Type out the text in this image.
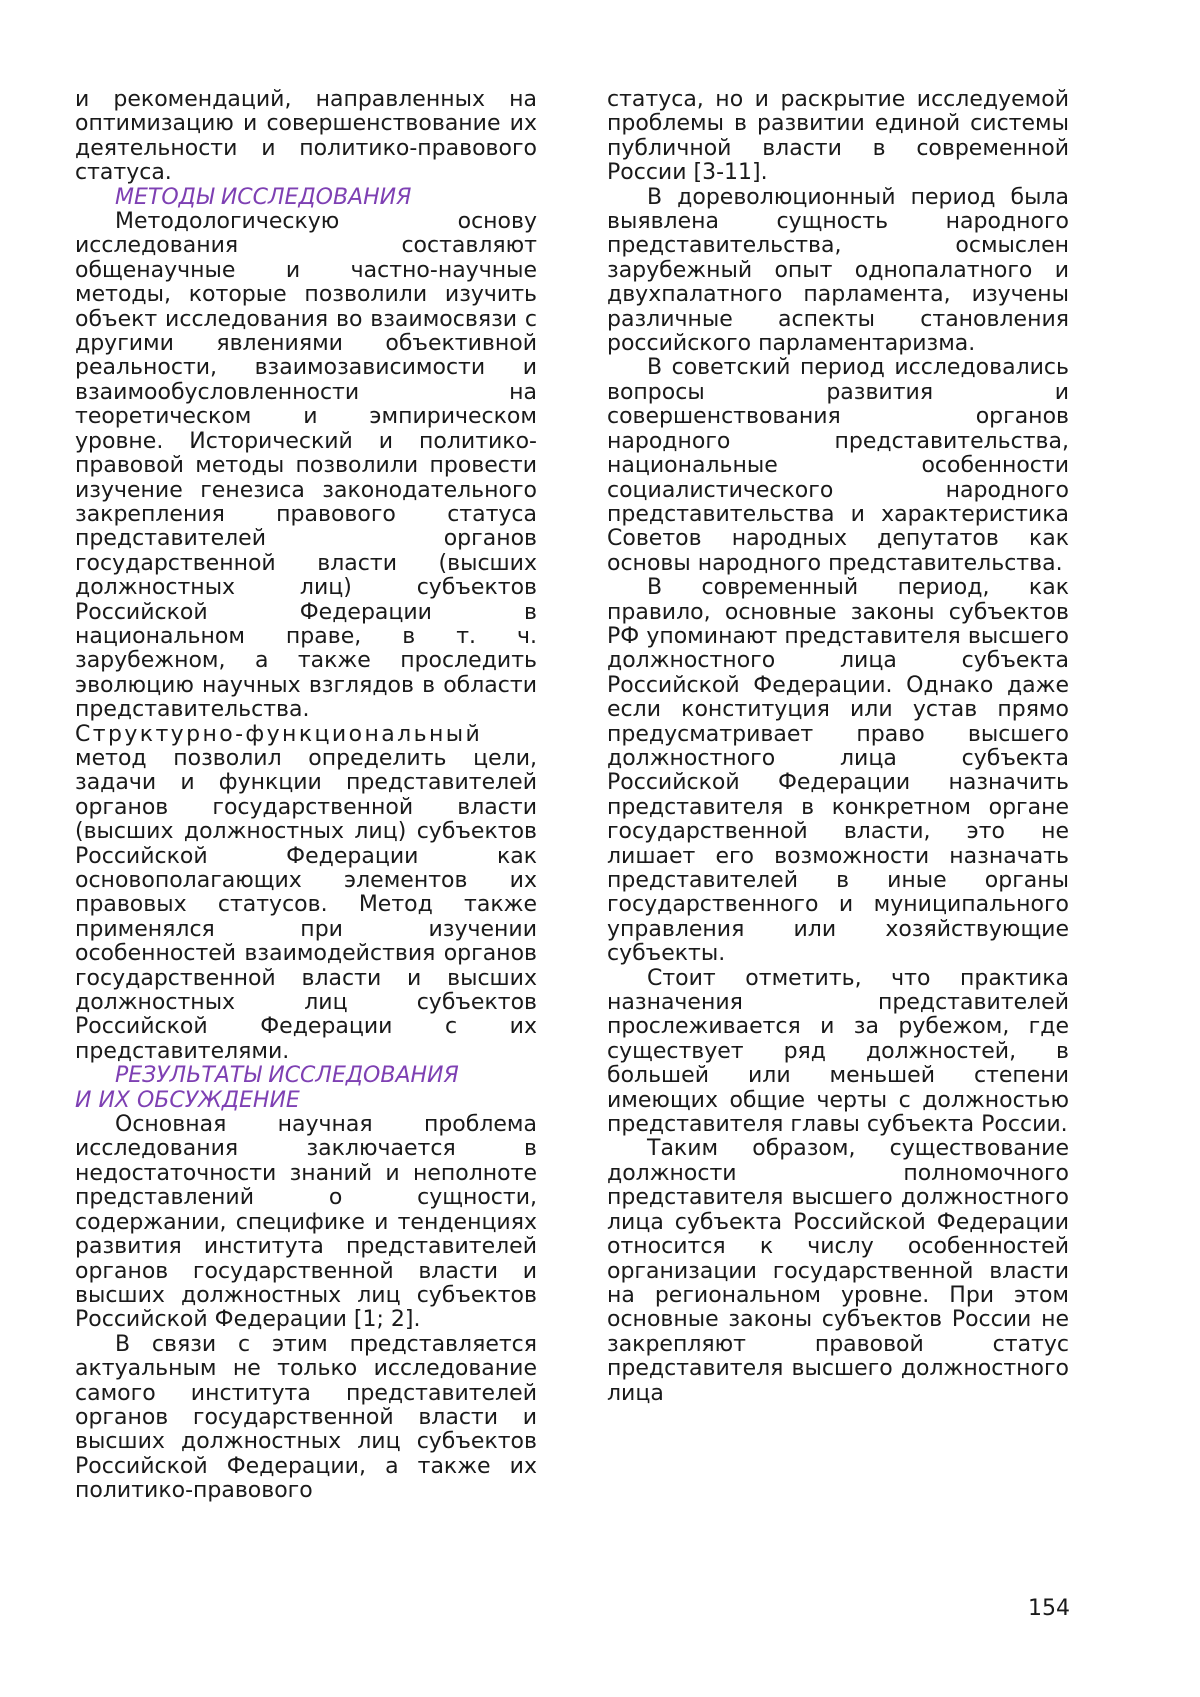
и рекомендаций, направленных на оптимизацию и совершенствование их деятельности и политико-правового статуса.

МЕТОДЫ ИССЛЕДОВАНИЯ

Методологическую основу исследования составляют общенаучные и частно-научные методы, которые позволили изучить объект исследования во взаимосвязи с другими явлениями объективной реальности, взаимозависимости и взаимообусловленности на теоретическом и эмпирическом уровне. Исторический и политико-правовой методы позволили провести изучение генезиса законодательного закрепления правового статуса представителей органов государственной власти (высших должностных лиц) субъектов Российской Федерации в национальном праве, в т. ч. зарубежном, а также проследить эволюцию научных взглядов в области представительства.

Структурно-функциональный метод позволил определить цели, задачи и функции представителей органов государственной власти (высших должностных лиц) субъектов Российской Федерации как основополагающих элементов их правовых статусов. Метод также применялся при изучении особенностей взаимодействия органов государственной власти и высших должностных лиц субъектов Российской Федерации с их представителями.

РЕЗУЛЬТАТЫ ИССЛЕДОВАНИЯ
И ИХ ОБСУЖДЕНИЕ

Основная научная проблема исследования заключается в недостаточности знаний и неполноте представлений о сущности, содержании, специфике и тенденциях развития института представителей органов государственной власти и высших должностных лиц субъектов Российской Федерации [1; 2].

В связи с этим представляется актуальным не только исследование самого института представителей органов государственной власти и высших должностных лиц субъектов Российской Федерации, а также их политико-правового

статуса, но и раскрытие исследуемой проблемы в развитии единой системы публичной власти в современной России [3-11].

В дореволюционный период была выявлена сущность народного представительства, осмыслен зарубежный опыт однопалатного и двухпалатного парламента, изучены различные аспекты становления российского парламентаризма.

В советский период исследовались вопросы развития и совершенствования органов народного представительства, национальные особенности социалистического народного представительства и характеристика Советов народных депутатов как основы народного представительства.

В современный период, как правило, основные законы субъектов РФ упоминают представителя высшего должностного лица субъекта Российской Федерации. Однако даже если конституция или устав прямо предусматривает право высшего должностного лица субъекта Российской Федерации назначить представителя в конкретном органе государственной власти, это не лишает его возможности назначать представителей в иные органы государственного и муниципального управления или хозяйствующие субъекты.

Стоит отметить, что практика назначения представителей прослеживается и за рубежом, где существует ряд должностей, в большей или меньшей степени имеющих общие черты с должностью представителя главы субъекта России.

Таким образом, существование должности полномочного представителя высшего должностного лица субъекта Российской Федерации относится к числу особенностей организации государственной власти на региональном уровне. При этом основные законы субъектов России не закрепляют правовой статус представителя высшего должностного лица

154
